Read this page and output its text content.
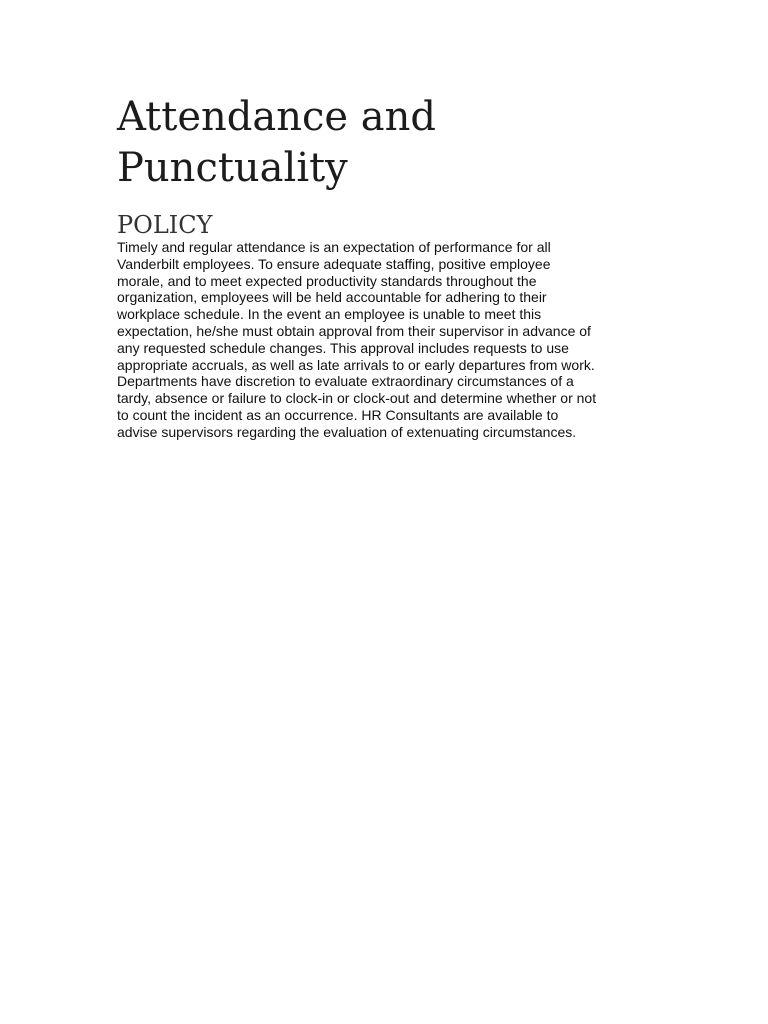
Attendance and
Punctuality
POLICY
Timely and regular attendance is an expectation of performance for all
Vanderbilt employees. To ensure adequate staffing, positive employee
morale, and to meet expected productivity standards throughout the
organization, employees will be held accountable for adhering to their
workplace schedule. In the event an employee is unable to meet this
expectation, he/she must obtain approval from their supervisor in advance of
any requested schedule changes. This approval includes requests to use
appropriate accruals, as well as late arrivals to or early departures from work.
Departments have discretion to evaluate extraordinary circumstances of a
tardy, absence or failure to clock-in or clock-out and determine whether or not
to count the incident as an occurrence. HR Consultants are available to
advise supervisors regarding the evaluation of extenuating circumstances.
